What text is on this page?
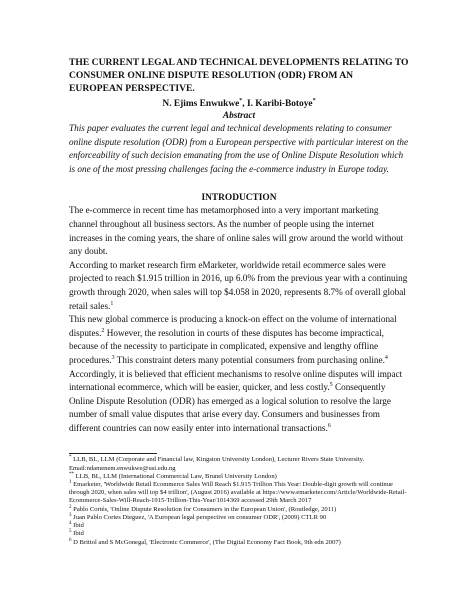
THE CURRENT LEGAL AND TECHNICAL DEVELOPMENTS RELATING TO CONSUMER ONLINE DISPUTE RESOLUTION (ODR) FROM AN EUROPEAN PERSPECTIVE.
N. Ejims Enwukwe*, I. Karibi-Botoye*
Abstract

This paper evaluates the current legal and technical developments relating to consumer online dispute resolution (ODR) from a European perspective with particular interest on the enforceability of such decision emanating from the use of Online Dispute Resolution which is one of the most pressing challenges facing the e-commerce industry in Europe today.

INTRODUCTION

The e-commerce in recent time has metamorphosed into a very important marketing channel throughout all business sectors. As the number of people using the internet increases in the coming years, the share of online sales will grow around the world without any doubt.

According to market research firm eMarketer, worldwide retail ecommerce sales were projected to reach $1.915 trillion in 2016, up 6.0% from the previous year with a continuing growth through 2020, when sales will top $4.058 in 2020, represents 8.7% of overall global retail sales.$^1$

This new global commerce is producing a knock-on effect on the volume of international disputes.$^2$ However, the resolution in courts of these disputes has become impractical, because of the necessity to participate in complicated, expensive and lengthy offline procedures.$^3$ This constraint deters many potential consumers from purchasing online.$^4$ Accordingly, it is believed that efficient mechanisms to resolve online disputes will impact international ecommerce, which will be easier, quicker, and less costly.$^5$ Consequently Online Dispute Resolution (ODR) has emerged as a logical solution to resolve the large number of small value disputes that arise every day. Consumers and businesses from different countries can now easily enter into international transactions.$^6$

* LLB, BL, LLM (Corporate and Financial law, Kingston University London), Lecturer Rivers State University. Email:ndamenem.enwukwe@ust.edu.ng

** LLB, BL, LLM (International Commercial Law, Brunel University London)

$^1$ Emarketer, 'Worldwide Retail Ecommerce Sales Will Reach $1.915 Trillion This Year: Double-digit growth will continue through 2020, when sales will top $4 trillion', (August 2016) available at https://www.emarketer.com/Article/Worldwide-Retail-Ecommerce-Sales-Will-Reach-1915-Trillion-This-Year/1014369 accessed 29th March 2017

$^2$ Pablo Cortés, 'Online Dispute Resolution for Consumers in the European Union', (Routledge, 2011)

$^3$ Juan Pablo Cortes Dieguez, 'A European legal perspective on consumer ODR', (2009) CTLR 90

$^4$ Ibid

$^5$ Ibid

$^6$ D Brittol and S McGonegal, 'Electronic Commerce', (The Digital Economy Fact Book, 9th edn 2007)
